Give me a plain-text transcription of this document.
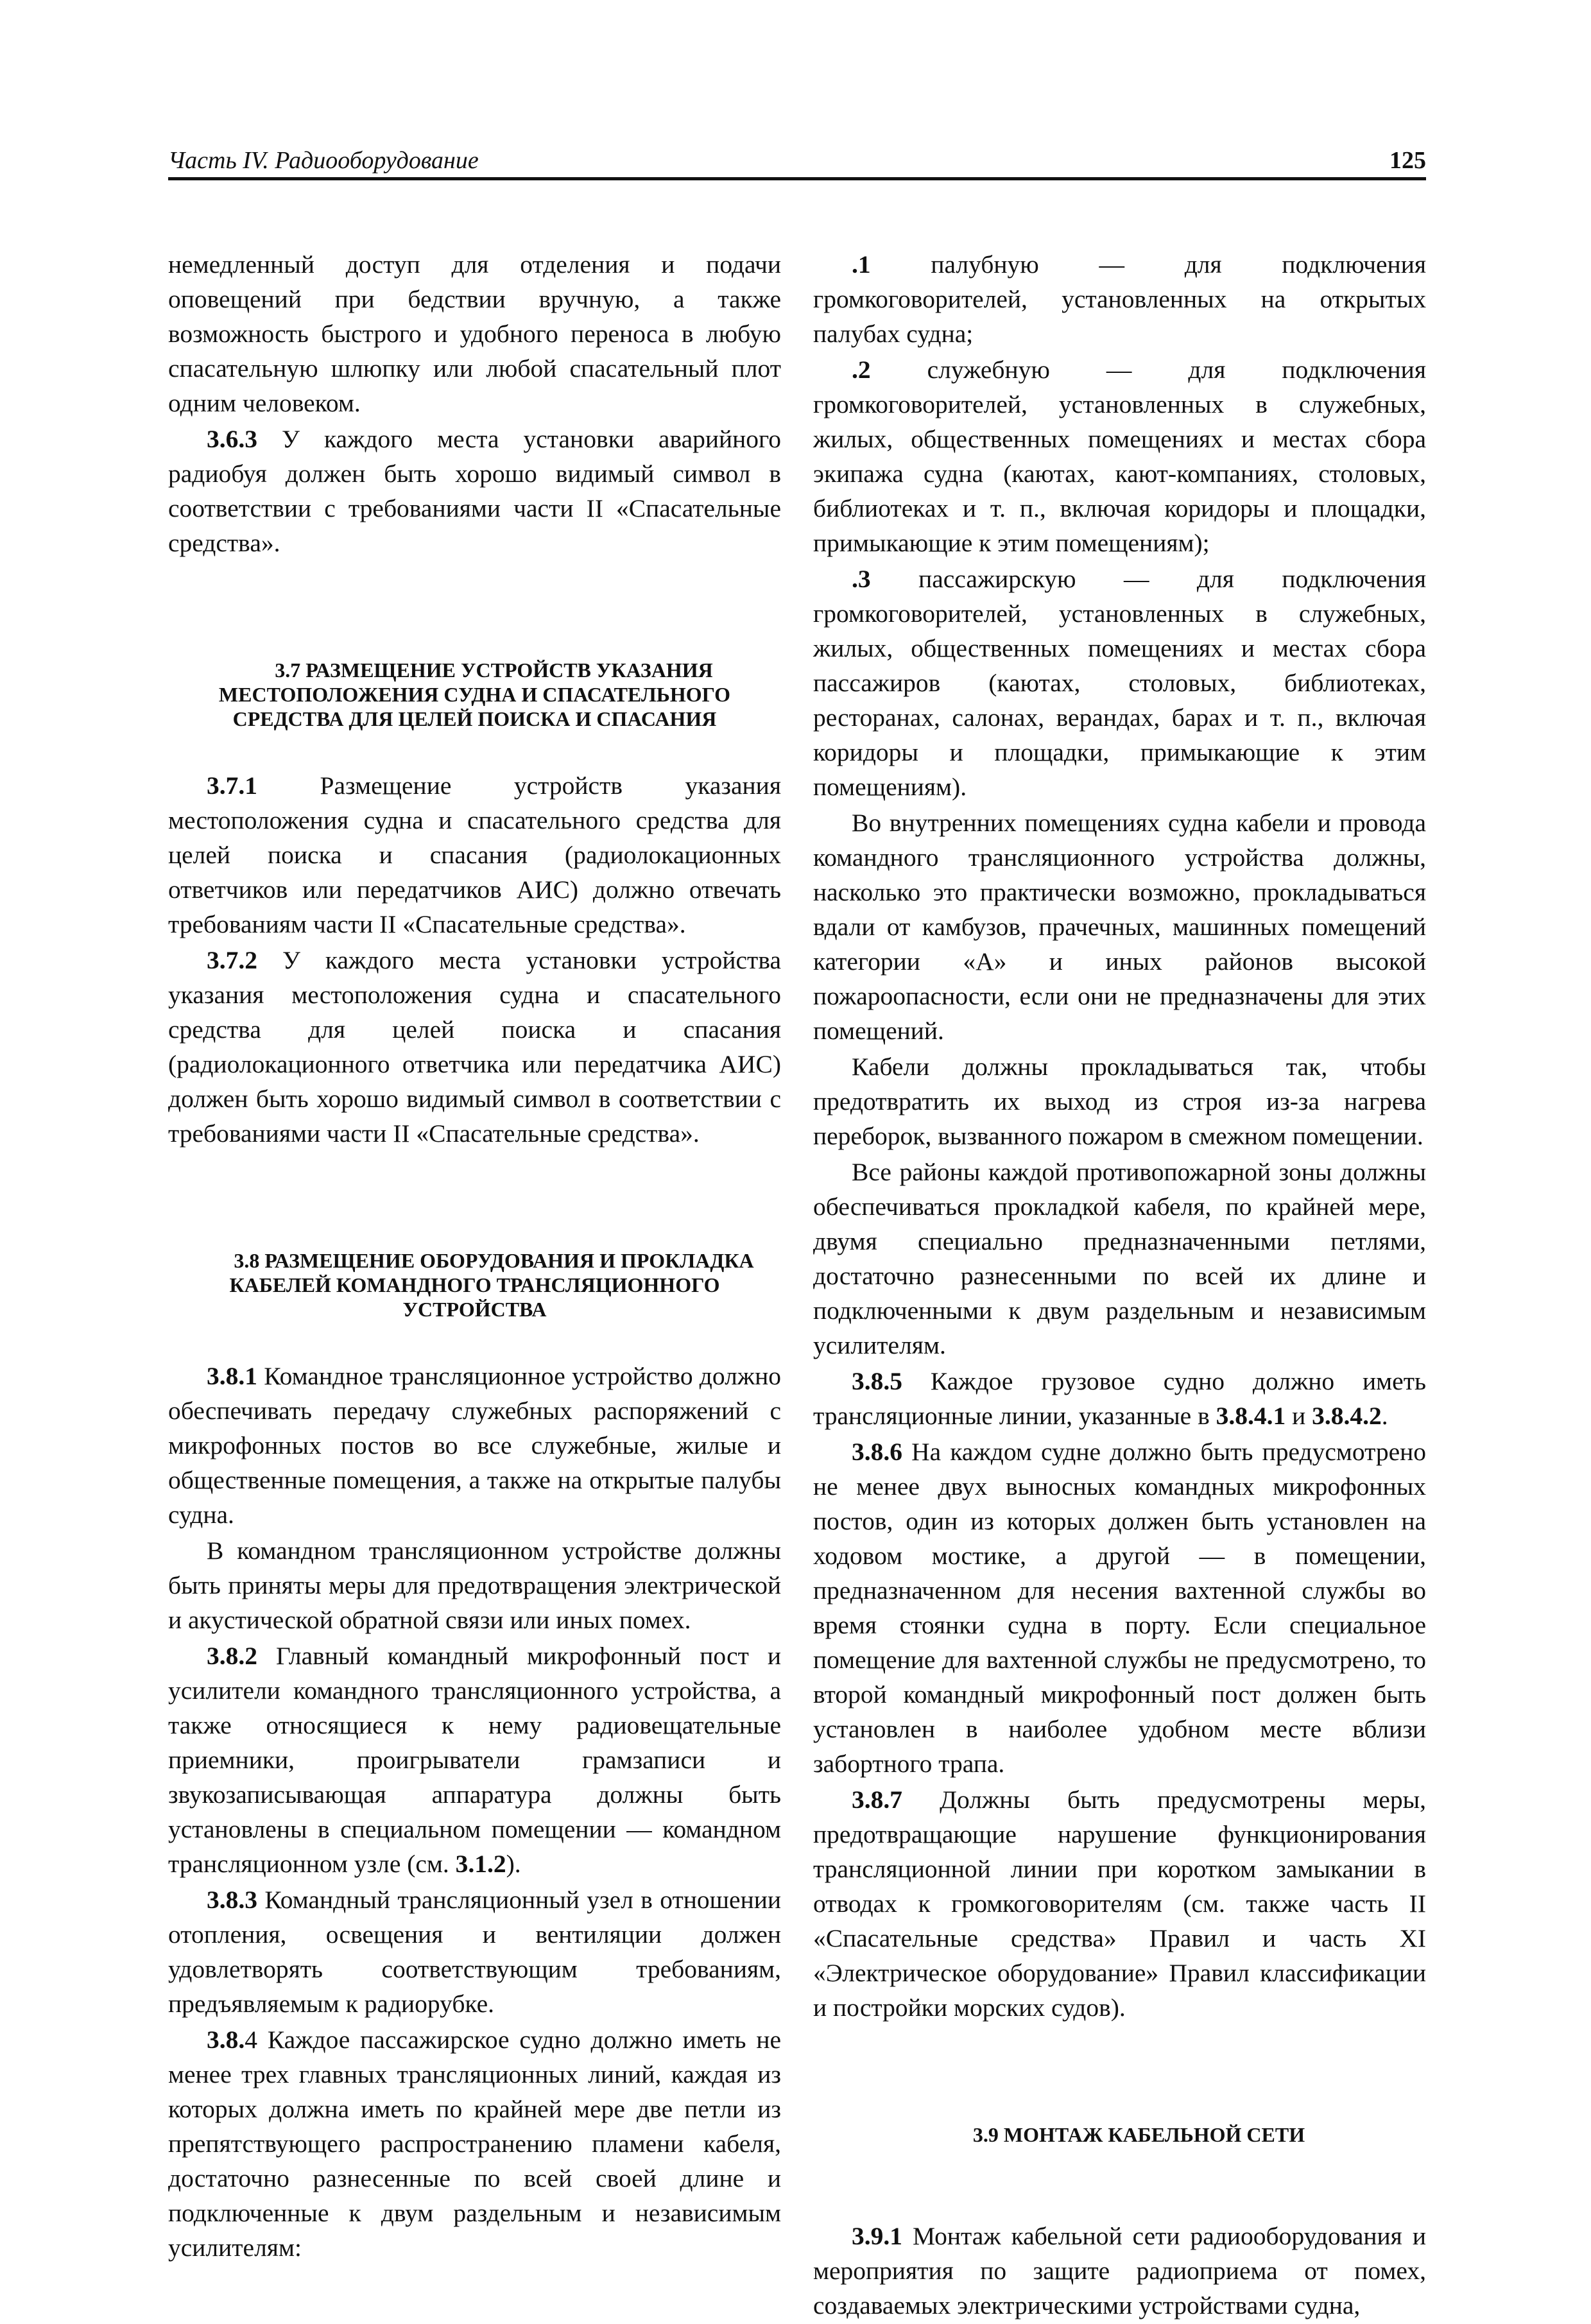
Часть IV. Радиооборудование	125

немедленный доступ для отделения и подачи оповещений при бедствии вручную, а также возможность быстрого и удобного переноса в любую спасательную шлюпку или любой спасательный плот одним человеком.

3.6.3 У каждого места установки аварийного радиобуя должен быть хорошо видимый символ в соответствии с требованиями части II «Спасательные средства».

3.7 РАЗМЕЩЕНИЕ УСТРОЙСТВ УКАЗАНИЯ МЕСТОПОЛОЖЕНИЯ СУДНА И СПАСАТЕЛЬНОГО СРЕДСТВА ДЛЯ ЦЕЛЕЙ ПОИСКА И СПАСАНИЯ

3.7.1 Размещение устройств указания местоположения судна и спасательного средства для целей поиска и спасания (радиолокационных ответчиков или передатчиков АИС) должно отвечать требованиям части II «Спасательные средства».

3.7.2 У каждого места установки устройства указания местоположения судна и спасательного средства для целей поиска и спасания (радиолокационного ответчика или передатчика АИС) должен быть хорошо видимый символ в соответствии с требованиями части II «Спасательные средства».

3.8 РАЗМЕЩЕНИЕ ОБОРУДОВАНИЯ И ПРОКЛАДКА КАБЕЛЕЙ КОМАНДНОГО ТРАНСЛЯЦИОННОГО УСТРОЙСТВА

3.8.1 Командное трансляционное устройство должно обеспечивать передачу служебных распоряжений с микрофонных постов во все служебные, жилые и общественные помещения, а также на открытые палубы судна.

В командном трансляционном устройстве должны быть приняты меры для предотвращения электрической и акустической обратной связи или иных помех.

3.8.2 Главный командный микрофонный пост и усилители командного трансляционного устройства, а также относящиеся к нему радиовещательные приемники, проигрыватели грамзаписи и звукозаписывающая аппаратура должны быть установлены в специальном помещении — командном трансляционном узле (см. 3.1.2).

3.8.3 Командный трансляционный узел в отношении отопления, освещения и вентиляции должен удовлетворять соответствующим требованиям, предъявляемым к радиорубке.

3.8.4 Каждое пассажирское судно должно иметь не менее трех главных трансляционных линий, каждая из которых должна иметь по крайней мере две петли из препятствующего распространению пламени кабеля, достаточно разнесенные по всей своей длине и подключенные к двум раздельным и независимым усилителям:

.1 палубную — для подключения громкоговорителей, установленных на открытых палубах судна;

.2 служебную — для подключения громкоговорителей, установленных в служебных, жилых, общественных помещениях и местах сбора экипажа судна (каютах, кают-компаниях, столовых, библиотеках и т. п., включая коридоры и площадки, примыкающие к этим помещениям);

.3 пассажирскую — для подключения громкоговорителей, установленных в служебных, жилых, общественных помещениях и местах сбора пассажиров (каютах, столовых, библиотеках, ресторанах, салонах, верандах, барах и т. п., включая коридоры и площадки, примыкающие к этим помещениям).

Во внутренних помещениях судна кабели и провода командного трансляционного устройства должны, насколько это практически возможно, прокладываться вдали от камбузов, прачечных, машинных помещений категории «А» и иных районов высокой пожароопасности, если они не предназначены для этих помещений.

Кабели должны прокладываться так, чтобы предотвратить их выход из строя из-за нагрева переборок, вызванного пожаром в смежном помещении.

Все районы каждой противопожарной зоны должны обеспечиваться прокладкой кабеля, по крайней мере, двумя специально предназначенными петлями, достаточно разнесенными по всей их длине и подключенными к двум раздельным и независимым усилителям.

3.8.5 Каждое грузовое судно должно иметь трансляционные линии, указанные в 3.8.4.1 и 3.8.4.2.

3.8.6 На каждом судне должно быть предусмотрено не менее двух выносных командных микрофонных постов, один из которых должен быть установлен на ходовом мостике, а другой — в помещении, предназначенном для несения вахтенной службы во время стоянки судна в порту. Если специальное помещение для вахтенной службы не предусмотрено, то второй командный микрофонный пост должен быть установлен в наиболее удобном месте вблизи забортного трапа.

3.8.7 Должны быть предусмотрены меры, предотвращающие нарушение функционирования трансляционной линии при коротком замыкании в отводах к громкоговорителям (см. также часть II «Спасательные средства» Правил и часть XI «Электрическое оборудование» Правил классификации и постройки морских судов).

3.9 МОНТАЖ КАБЕЛЬНОЙ СЕТИ

3.9.1 Монтаж кабельной сети радиооборудования и мероприятия по защите радиоприема от помех, создаваемых электрическими устройствами судна,
